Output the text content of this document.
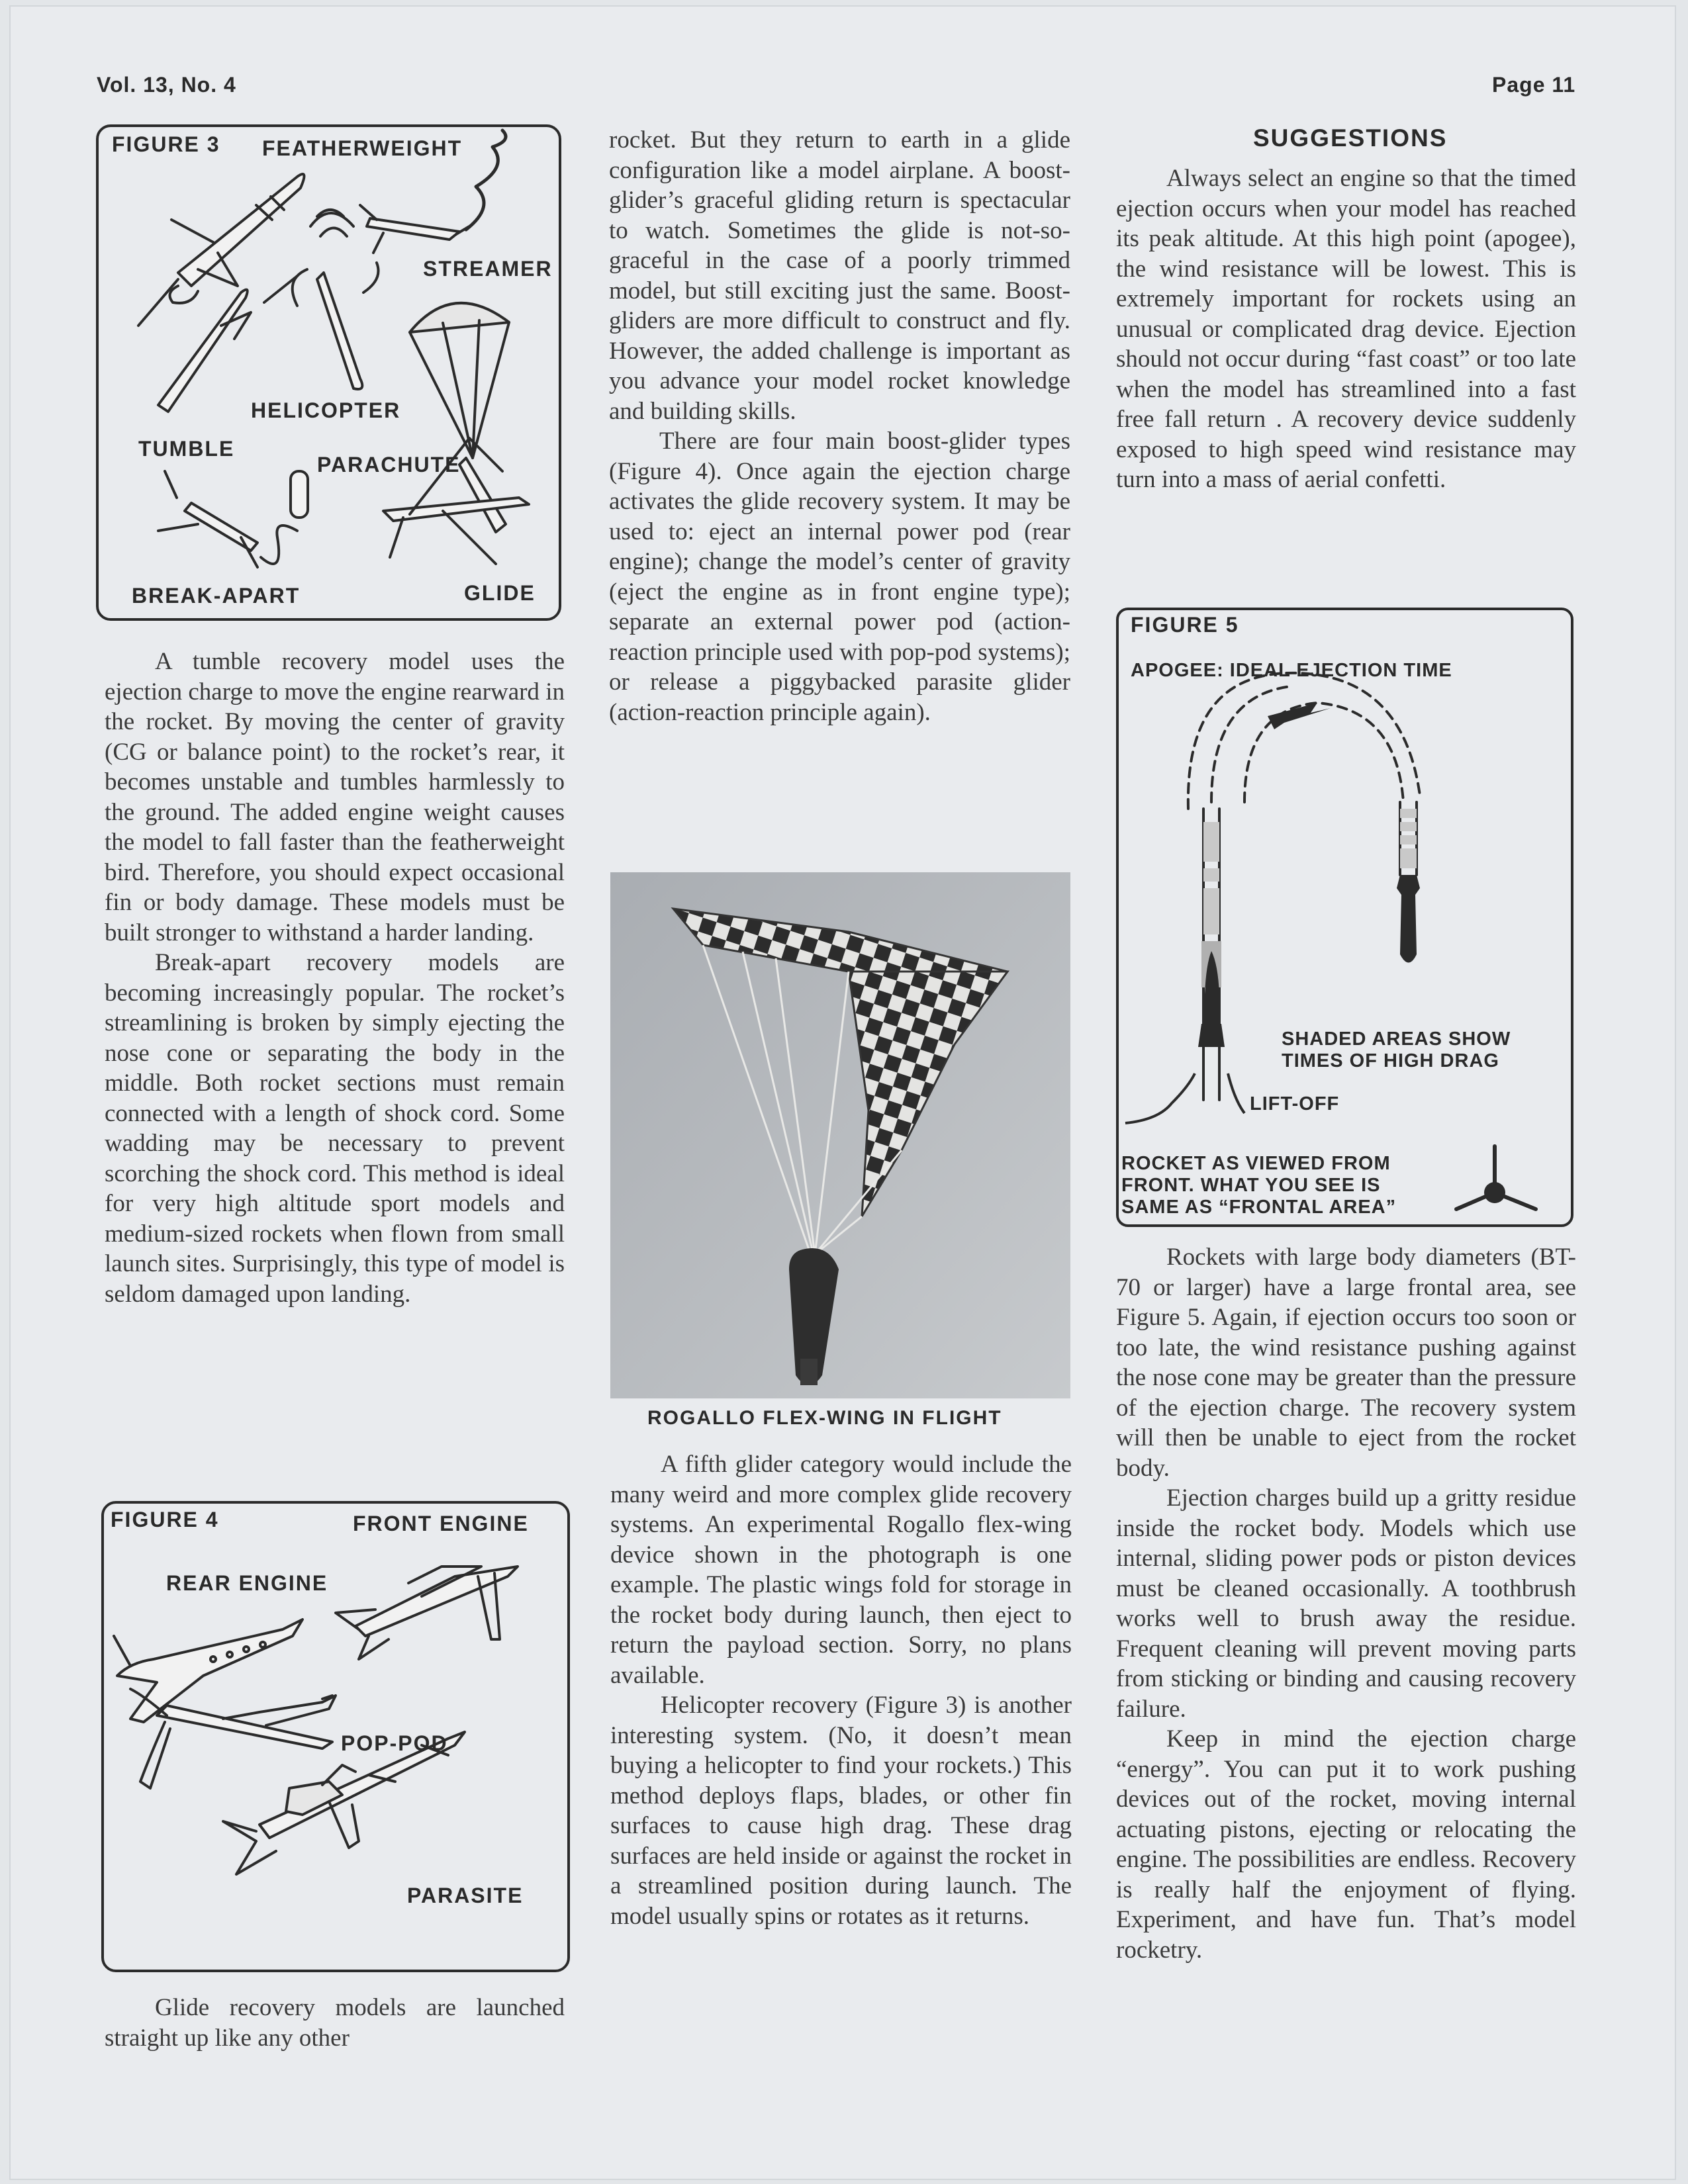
Vol. 13, No. 4	Page 11
FIGURE 3 FEATHERWEIGHT
STREAMER
HELICOPTER
TUMBLE
PARACHUTE
BREAK-APART	GLIDE

A tumble recovery model uses the ejection charge to move the engine rearward in the rocket. By moving the center of gravity (CG or balance point) to the rocket’s rear, it becomes unstable and tumbles harmlessly to the ground. The added engine weight causes the model to fall faster than the featherweight bird. Therefore, you should expect occasional fin or body damage. These models must be built stronger to withstand a harder landing.

Break-apart recovery models are becoming increasingly popular. The rocket’s streamlining is broken by simply ejecting the nose cone or separating the body in the middle. Both rocket sections must remain connected with a length of shock cord. Some wadding may be necessary to prevent scorching the shock cord. This method is ideal for very high altitude sport models and medium-sized rockets when flown from small launch sites. Surprisingly, this type of model is seldom damaged upon landing.

FIGURE 4	FRONT ENGINE
REAR ENGINE
POP-POD
PARASITE

Glide recovery models are launched straight up like any other

rocket. But they return to earth in a glide configuration like a model airplane. A boost-glider’s graceful gliding return is spectacular to watch. Sometimes the glide is not-so-graceful in the case of a poorly trimmed model, but still exciting just the same. Boost-gliders are more difficult to construct and fly. However, the added challenge is important as you advance your model rocket knowledge and building skills.

There are four main boost-glider types (Figure 4). Once again the ejection charge activates the glide recovery system. It may be used to: eject an internal power pod (rear engine); change the model’s center of gravity (eject the engine as in front engine type); separate an external power pod (action-reaction principle used with pop-pod systems); or release a piggybacked parasite glider (action-reaction principle again).

ROGALLO FLEX-WING IN FLIGHT

A fifth glider category would include the many weird and more complex glide recovery systems. An experimental Rogallo flex-wing device shown in the photograph is one example. The plastic wings fold for storage in the rocket body during launch, then eject to return the payload section. Sorry, no plans available.

Helicopter recovery (Figure 3) is another interesting system. (No, it doesn’t mean buying a helicopter to find your rockets.) This method deploys flaps, blades, or other fin surfaces to cause high drag. These drag surfaces are held inside or against the rocket in a streamlined position during launch. The model usually spins or rotates as it returns.

SUGGESTIONS

Always select an engine so that the timed ejection occurs when your model has reached its peak altitude. At this high point (apogee), the wind resistance will be lowest. This is extremely important for rockets using an unusual or complicated drag device. Ejection should not occur during “fast coast” or too late when the model has streamlined into a fast free fall return . A recovery device suddenly exposed to high speed wind resistance may turn into a mass of aerial confetti.

FIGURE 5
APOGEE: IDEAL EJECTION TIME
SHADED AREAS SHOW
TIMES OF HIGH DRAG
LIFT-OFF
ROCKET AS VIEWED FROM
FRONT. WHAT YOU SEE IS
SAME AS “FRONTAL AREA”

Rockets with large body diameters (BT-70 or larger) have a large frontal area, see Figure 5. Again, if ejection occurs too soon or too late, the wind resistance pushing against the nose cone may be greater than the pressure of the ejection charge. The recovery system will then be unable to eject from the rocket body.

Ejection charges build up a gritty residue inside the rocket body. Models which use internal, sliding power pods or piston devices must be cleaned occasionally. A toothbrush works well to brush away the residue. Frequent cleaning will prevent moving parts from sticking or binding and causing recovery failure.

Keep in mind the ejection charge “energy”. You can put it to work pushing devices out of the rocket, moving internal actuating pistons, ejecting or relocating the engine. The possibilities are endless. Recovery is really half the enjoyment of flying. Experiment, and have fun. That’s model rocketry.
